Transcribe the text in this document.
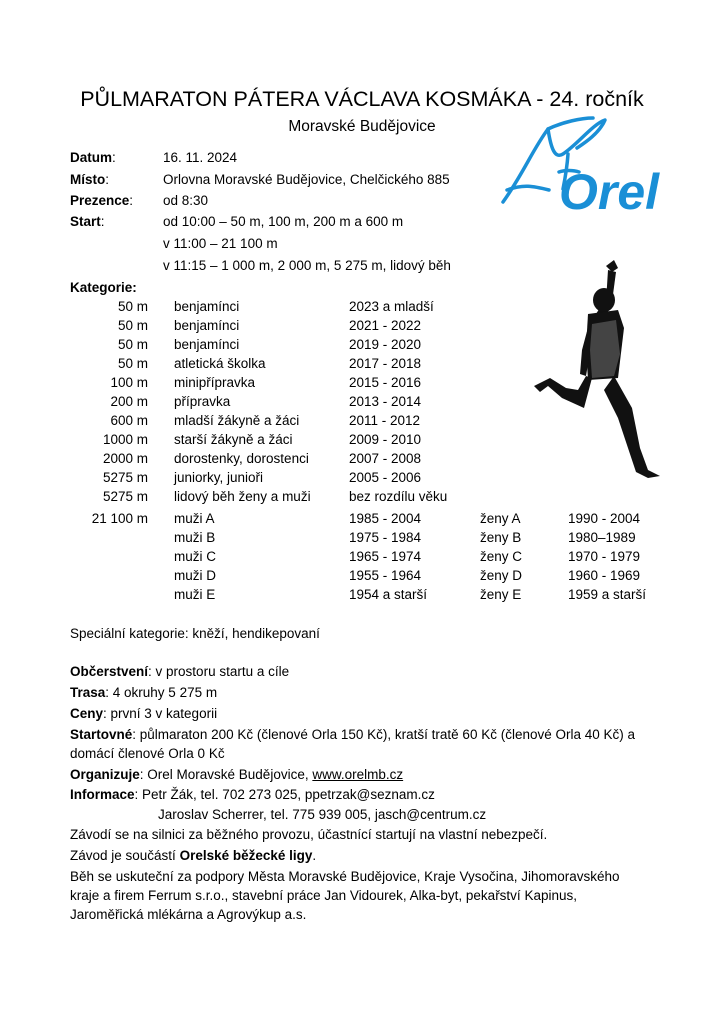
PŮLMARATON PÁTERA VÁCLAVA KOSMÁKA - 24. ročník
Moravské Budějovice
Orel
Datum:	16. 11. 2024
Místo:	Orlovna Moravské Budějovice, Chelčického 885
Prezence: od 8:30
Start:	od 10:00 – 50 m, 100 m, 200 m a 600 m
v 11:00 – 21 100 m
v 11:15 – 1 000 m, 2 000 m, 5 275 m, lidový běh
Kategorie:
50 m benjamínci	2023 a mladší
50 m benjamínci	2021 - 2022
50 m benjamínci	2019 - 2020
50 m atletická školka	2017 - 2018
100 m minipřípravka	2015 - 2016
200 m přípravka	2013 - 2014
600 m mladší žákyně a žáci	2011 - 2012
1000 m starší žákyně a žáci	2009 - 2010
2000 m dorostenky, dorostenci	2007 - 2008
5275 m juniorky, junioři	2005 - 2006
5275 m lidový běh ženy a muži	bez rozdílu věku
21 100 m muži A	1985 - 2004	ženy A	1990 - 2004
muži B	1975 - 1984	ženy B	1980–1989
muži C	1965 - 1974	ženy C	1970 - 1979
muži D	1955 - 1964	ženy D	1960 - 1969
muži E	1954 a starší	ženy E	1959 a starší
Speciální kategorie: kněží, hendikepovaní
Občerstvení: v prostoru startu a cíle
Trasa: 4 okruhy 5 275 m
Ceny: první 3 v kategorii
Startovné: půlmaraton 200 Kč (členové Orla 150 Kč), kratší tratě 60 Kč (členové Orla 40 Kč) a
domácí členové Orla 0 Kč
Organizuje: Orel Moravské Budějovice, www.orelmb.cz
Informace: Petr Žák, tel. 702 273 025, ppetrzak@seznam.cz
Jaroslav Scherrer, tel. 775 939 005, jasch@centrum.cz
Závodí se na silnici za běžného provozu, účastnící startují na vlastní nebezpečí.
Závod je součástí Orelské běžecké ligy.
Běh se uskuteční za podpory Města Moravské Budějovice, Kraje Vysočina, Jihomoravského
kraje a firem Ferrum s.r.o., stavební práce Jan Vidourek, Alka-byt, pekařství Kapinus,
Jaroměřická mlékárna a Agrovýkup a.s.
